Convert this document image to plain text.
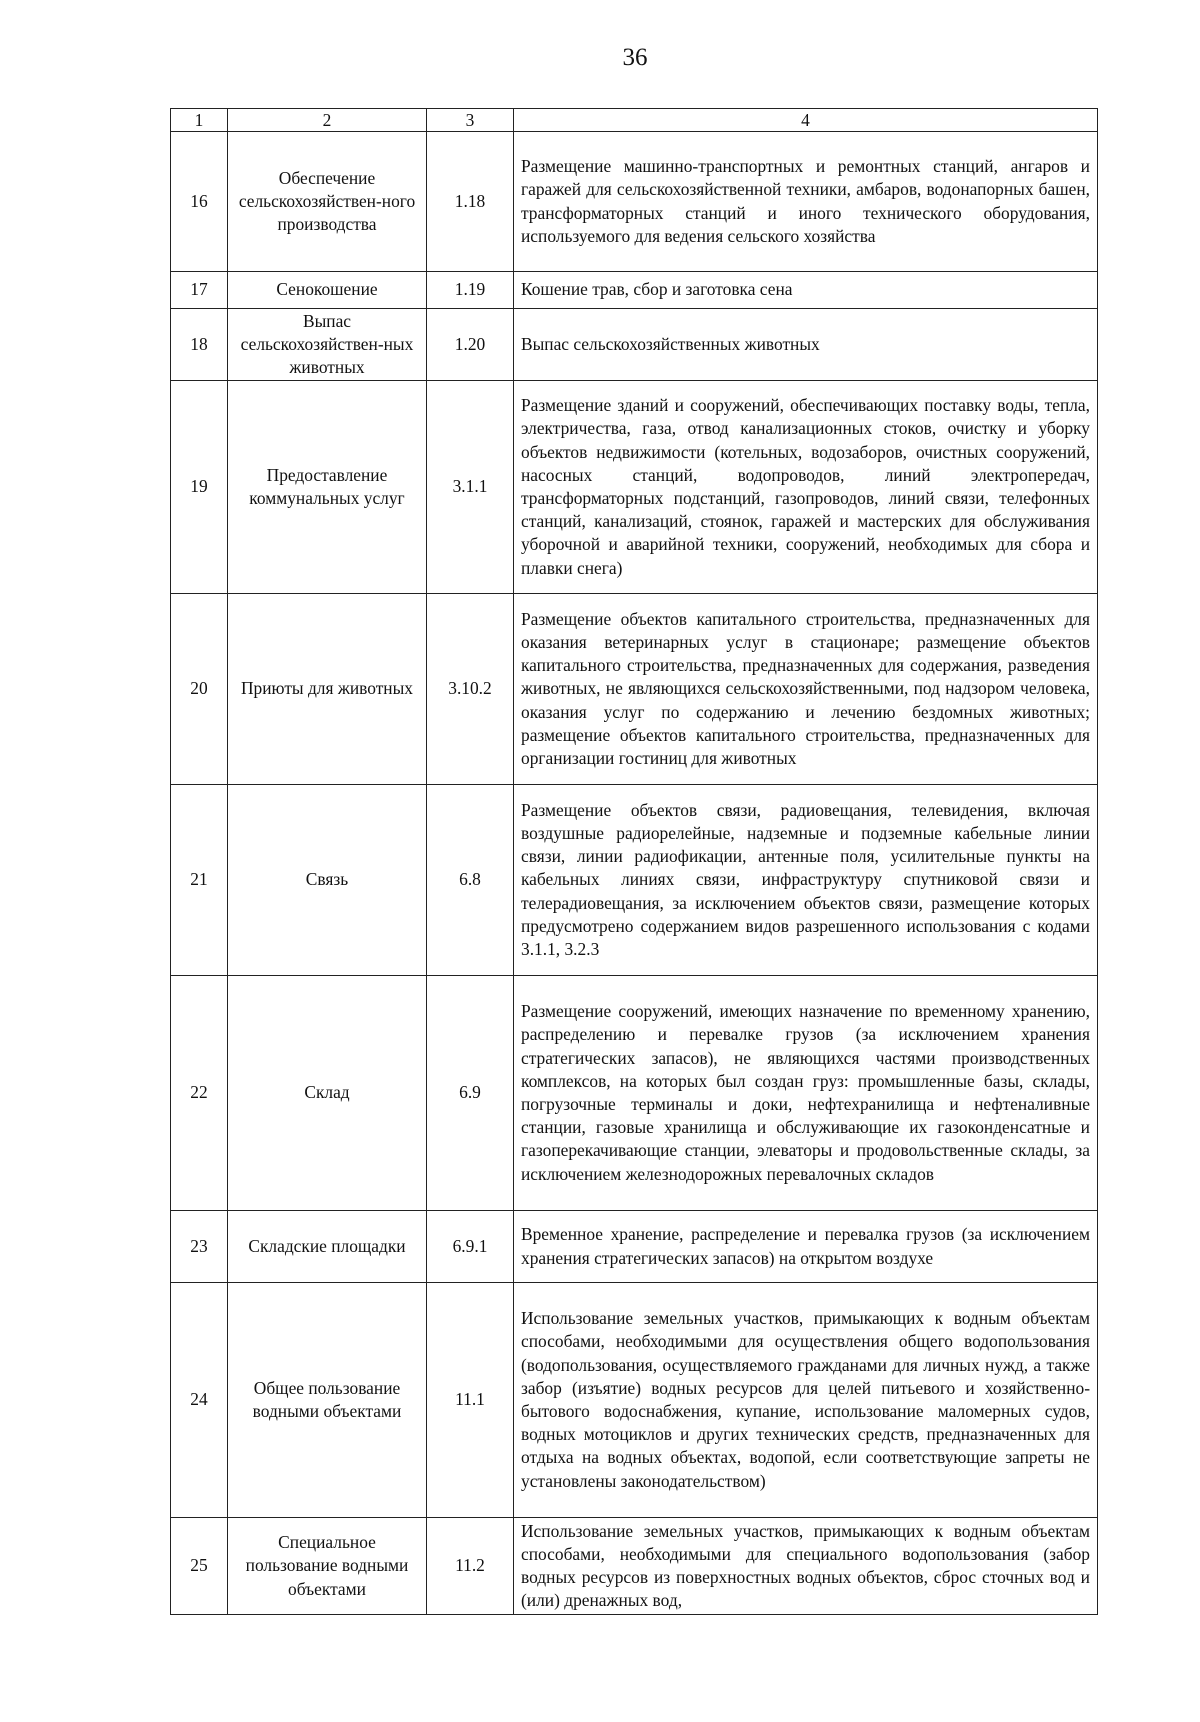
36
1	2	3	4
16	Обеспечение сельскохозяйствен-ного производства	1.18	Размещение машинно-транспортных и ремонтных станций, ангаров и гаражей для сельскохозяйственной техники, амбаров, водонапорных башен, трансформаторных станций и иного технического оборудования, используемого для ведения сельского хозяйства
17	Сенокошение	1.19	Кошение трав, сбор и заготовка сена
18	Выпас сельскохозяйствен-ных животных	1.20	Выпас сельскохозяйственных животных
19	Предоставление коммунальных услуг	3.1.1	Размещение зданий и сооружений, обеспечивающих поставку воды, тепла, электричества, газа, отвод канализационных стоков, очистку и уборку объектов недвижимости (котельных, водозаборов, очистных сооружений, насосных станций, водопроводов, линий электропередач, трансформаторных подстанций, газопроводов, линий связи, телефонных станций, канализаций, стоянок, гаражей и мастерских для обслуживания уборочной и аварийной техники, сооружений, необходимых для сбора и плавки снега)
20	Приюты для животных	3.10.2	Размещение объектов капитального строительства, предназначенных для оказания ветеринарных услуг в стационаре; размещение объектов капитального строительства, предназначенных для содержания, разведения животных, не являющихся сельскохозяйственными, под надзором человека, оказания услуг по содержанию и лечению бездомных животных; размещение объектов капитального строительства, предназначенных для организации гостиниц для животных
21	Связь	6.8	Размещение объектов связи, радиовещания, телевидения, включая воздушные радиорелейные, надземные и подземные кабельные линии связи, линии радиофикации, антенные поля, усилительные пункты на кабельных линиях связи, инфраструктуру спутниковой связи и телерадиовещания, за исключением объектов связи, размещение которых предусмотрено содержанием видов разрешенного использования с кодами 3.1.1, 3.2.3
22	Склад	6.9	Размещение сооружений, имеющих назначение по временному хранению, распределению и перевалке грузов (за исключением хранения стратегических запасов), не являющихся частями производственных комплексов, на которых был создан груз: промышленные базы, склады, погрузочные терминалы и доки, нефтехранилища и нефтеналивные станции, газовые хранилища и обслуживающие их газоконденсатные и газоперекачивающие станции, элеваторы и продовольственные склады, за исключением железнодорожных перевалочных складов
23	Складские площадки	6.9.1	Временное хранение, распределение и перевалка грузов (за исключением хранения стратегических запасов) на открытом воздухе
24	Общее пользование водными объектами	11.1	Использование земельных участков, примыкающих к водным объектам способами, необходимыми для осуществления общего водопользования (водопользования, осуществляемого гражданами для личных нужд, а также забор (изъятие) водных ресурсов для целей питьевого и хозяйственно-бытового водоснабжения, купание, использование маломерных судов, водных мотоциклов и других технических средств, предназначенных для отдыха на водных объектах, водопой, если соответствующие запреты не установлены законодательством)
25	Специальное пользование водными объектами	11.2	Использование земельных участков, примыкающих к водным объектам способами, необходимыми для специального водопользования (забор водных ресурсов из поверхностных водных объектов, сброс сточных вод и (или) дренажных вод,
